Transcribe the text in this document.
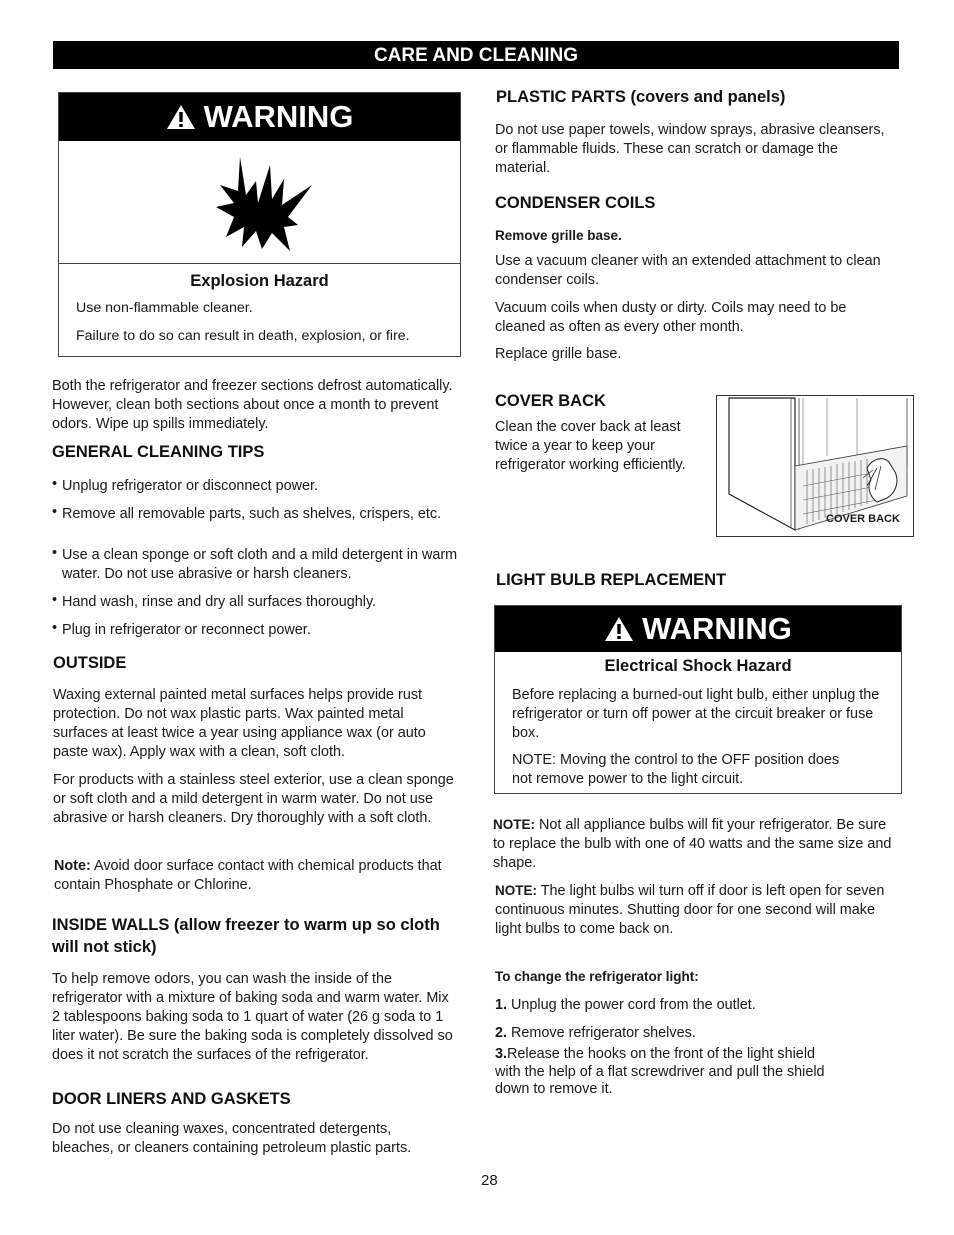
CARE AND CLEANING
WARNING
Explosion Hazard
Use non-flammable cleaner.
Failure to do so can result in death, explosion, or fire.
Both the refrigerator and freezer sections defrost automatically. However, clean both sections about once a month to prevent odors. Wipe up spills immediately.
GENERAL CLEANING TIPS
• Unplug refrigerator or disconnect power.
• Remove all removable parts, such as shelves, crispers, etc.
• Use a clean sponge or soft cloth and a mild detergent in warm water. Do not use abrasive or harsh cleaners.
• Hand wash, rinse and dry all surfaces thoroughly.
• Plug in refrigerator or reconnect power.
OUTSIDE
Waxing external painted metal surfaces helps provide rust protection. Do not wax plastic parts. Wax painted metal surfaces at least twice a year using appliance wax (or auto paste wax). Apply wax with a clean, soft cloth.
For products with a stainless steel exterior, use a clean sponge or soft cloth and a mild detergent in warm water. Do not use abrasive or harsh cleaners. Dry thoroughly with a soft cloth.
Note: Avoid door surface contact with chemical products that contain Phosphate or Chlorine.
INSIDE WALLS (allow freezer to warm up so cloth will not stick)
To help remove odors, you can wash the inside of the refrigerator with a mixture of baking soda and warm water. Mix 2 tablespoons baking soda to 1 quart of water (26 g soda to 1 liter water). Be sure the baking soda is completely dissolved so does it not scratch the surfaces of the refrigerator.
DOOR LINERS AND GASKETS
Do not use cleaning waxes, concentrated detergents, bleaches, or cleaners containing petroleum plastic parts.
PLASTIC PARTS (covers and panels)
Do not use paper towels, window sprays, abrasive cleansers, or flammable fluids. These can scratch or damage the material.
CONDENSER COILS
Remove grille base.
Use a vacuum cleaner with an extended attachment to clean condenser coils.
Vacuum coils when dusty or dirty. Coils may need to be cleaned as often as every other month.
Replace grille base.
COVER BACK
Clean the cover back at least twice a year to keep your refrigerator working efficiently.
COVER BACK
LIGHT BULB REPLACEMENT
WARNING
Electrical Shock Hazard
Before replacing a burned-out light bulb, either unplug the refrigerator or turn off power at the circuit breaker or fuse box.
NOTE: Moving the control to the OFF position does not remove power to the light circuit.
NOTE: Not all appliance bulbs will fit your refrigerator. Be sure to replace the bulb with one of 40 watts and the same size and shape.
NOTE: The light bulbs wil turn off if door is left open for seven continuous minutes. Shutting door for one second will make light bulbs to come back on.
To change the refrigerator light:
1. Unplug the power cord from the outlet.
2. Remove refrigerator shelves.
3.Release the hooks on the front of the light shield with the help of a flat screwdriver and pull the shield down to remove it.
28
